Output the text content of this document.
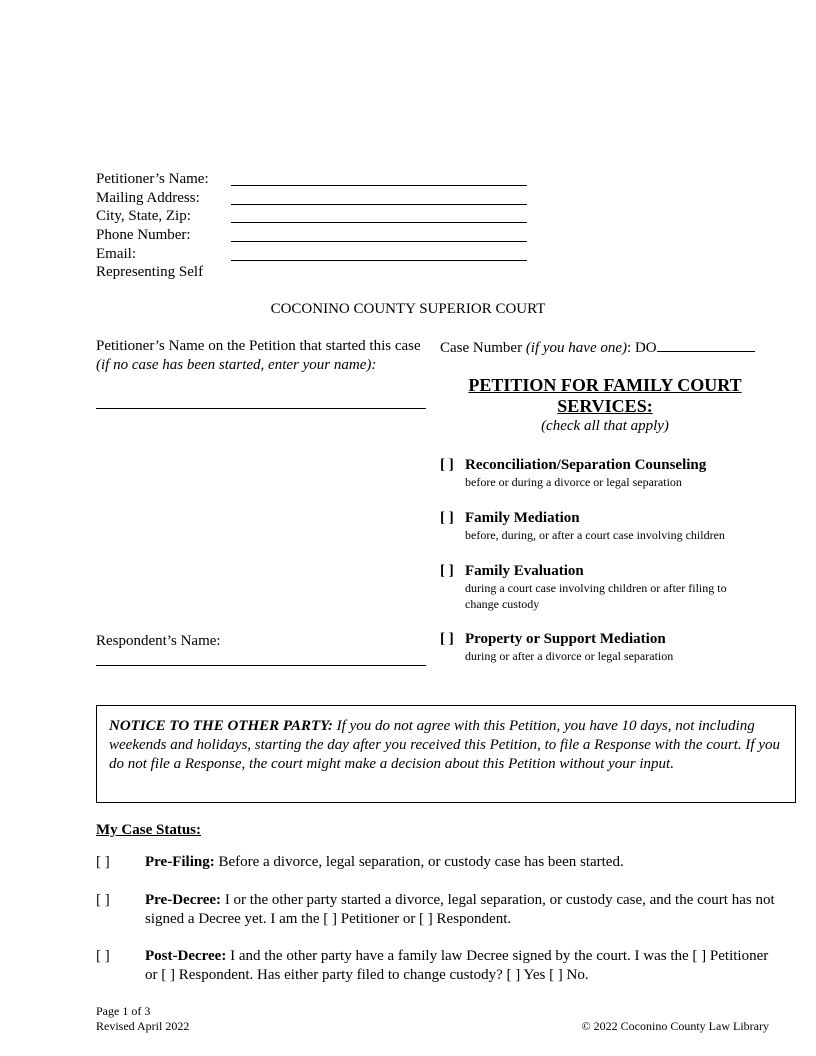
Petitioner’s Name:
Mailing Address:
City, State, Zip:
Phone Number:
Email:
Representing Self
COCONINO COUNTY SUPERIOR COURT
Petitioner’s Name on the Petition that started this case (if no case has been started, enter your name):
Respondent’s Name:
Case Number (if you have one): DO
PETITION FOR FAMILY COURT
SERVICES:
(check all that apply)
[ ] Reconciliation/Separation Counseling
before or during a divorce or legal separation
[ ] Family Mediation
before, during, or after a court case involving children
[ ] Family Evaluation
during a court case involving children or after filing to change custody
[ ] Property or Support Mediation
during or after a divorce or legal separation
NOTICE TO THE OTHER PARTY: If you do not agree with this Petition, you have 10 days, not including weekends and holidays, starting the day after you received this Petition, to file a Response with the court. If you do not file a Response, the court might make a decision about this Petition without your input.
My Case Status:
[ ] Pre-Filing: Before a divorce, legal separation, or custody case has been started.
[ ] Pre-Decree: I or the other party started a divorce, legal separation, or custody case, and the court has not signed a Decree yet. I am the [ ] Petitioner or [ ] Respondent.
[ ] Post-Decree: I and the other party have a family law Decree signed by the court. I was the [ ] Petitioner or [ ] Respondent. Has either party filed to change custody? [ ] Yes [ ] No.
Page 1 of 3
Revised April 2022	© 2022 Coconino County Law Library
